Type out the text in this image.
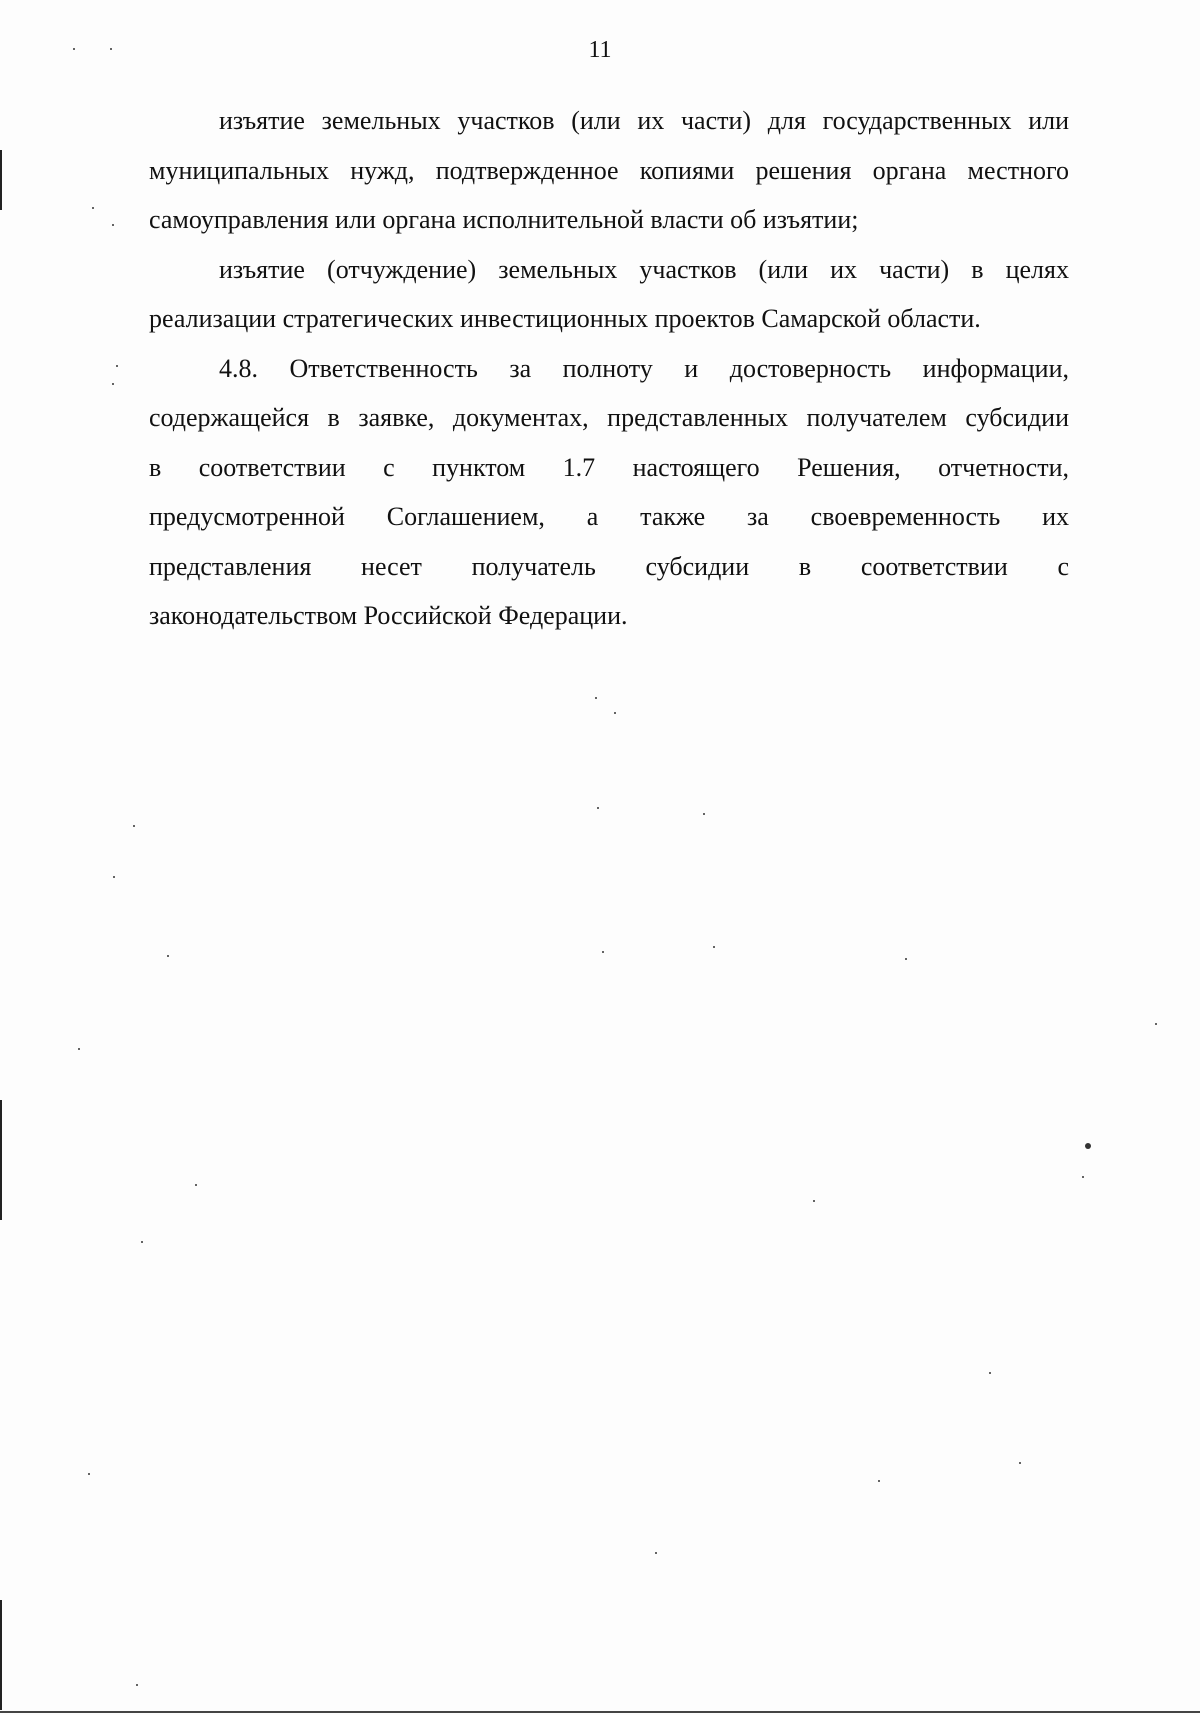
11
изъятие земельных участков (или их части) для государственных или
муниципальных нужд, подтвержденное копиями решения органа местного
самоуправления или органа исполнительной власти об изъятии;
изъятие (отчуждение) земельных участков (или их части) в целях
реализации стратегических инвестиционных проектов Самарской области.
4.8. Ответственность за полноту и достоверность информации,
содержащейся в заявке, документах, представленных получателем субсидии
в соответствии с пунктом 1.7 настоящего Решения, отчетности,
предусмотренной Соглашением, а также за своевременность их
представления несет получатель субсидии в соответствии с
законодательством Российской Федерации.
